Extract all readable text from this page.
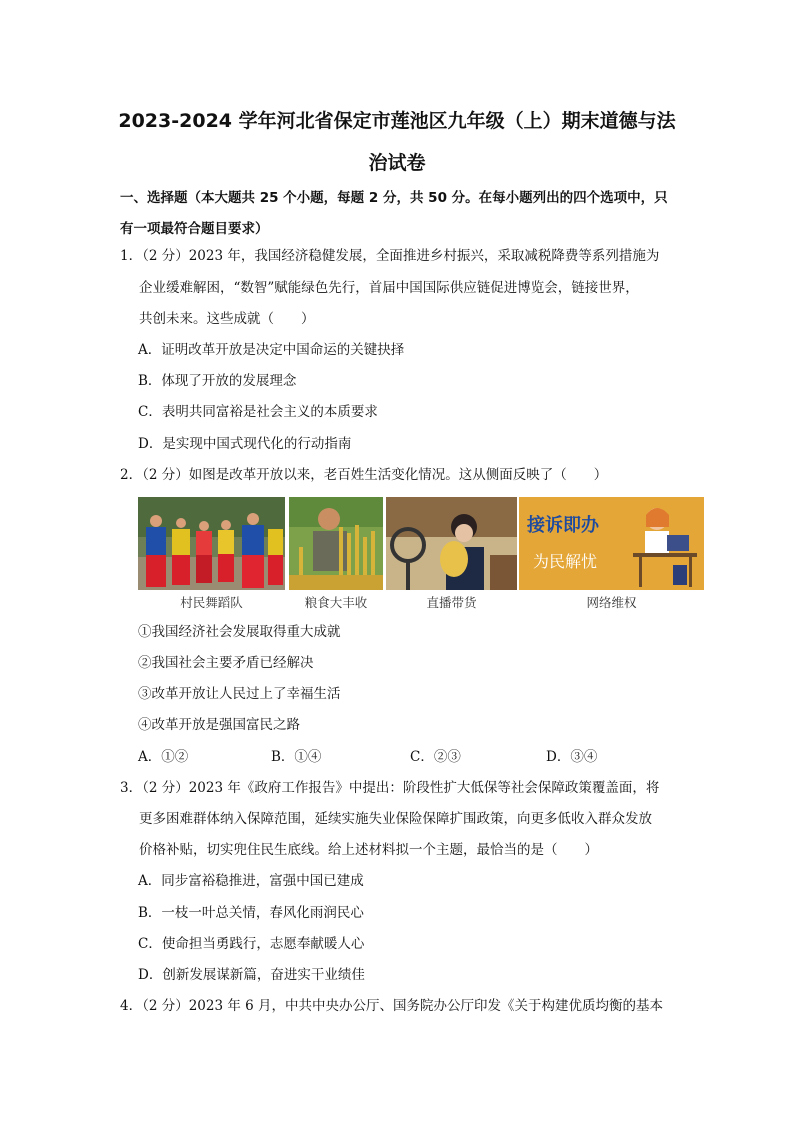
2023-2024 学年河北省保定市莲池区九年级（上）期末道德与法
治试卷
一、选择题（本大题共 25 个小题，每题 2 分，共 50 分。在每小题列出的四个选项中，只
有一项最符合题目要求）
1．（2 分）2023 年，我国经济稳健发展，全面推进乡村振兴，采取减税降费等系列措施为
企业缓难解困，“数智”赋能绿色先行，首届中国国际供应链促进博览会，链接世界，
共创未来。这些成就（　　）
A．证明改革开放是决定中国命运的关键抉择
B．体现了开放的发展理念
C．表明共同富裕是社会主义的本质要求
D．是实现中国式现代化的行动指南
2．（2 分）如图是改革开放以来，老百姓生活变化情况。这从侧面反映了（　　）
接诉即办
为民解忧
村民舞蹈队	粮食大丰收	直播带货	网络维权
①我国经济社会发展取得重大成就
②我国社会主要矛盾已经解决
③改革开放让人民过上了幸福生活
④改革开放是强国富民之路
A．①②	B．①④	C．②③	D．③④
3．（2 分）2023 年《政府工作报告》中提出：阶段性扩大低保等社会保障政策覆盖面，将
更多困难群体纳入保障范围，延续实施失业保险保障扩围政策，向更多低收入群众发放
价格补贴，切实兜住民生底线。给上述材料拟一个主题，最恰当的是（　　）
A．同步富裕稳推进，富强中国已建成
B．一枝一叶总关情，春风化雨润民心
C．使命担当勇践行，志愿奉献暖人心
D．创新发展谋新篇，奋进实干业绩佳
4．（2 分）2023 年 6 月，中共中央办公厅、国务院办公厅印发《关于构建优质均衡的基本
